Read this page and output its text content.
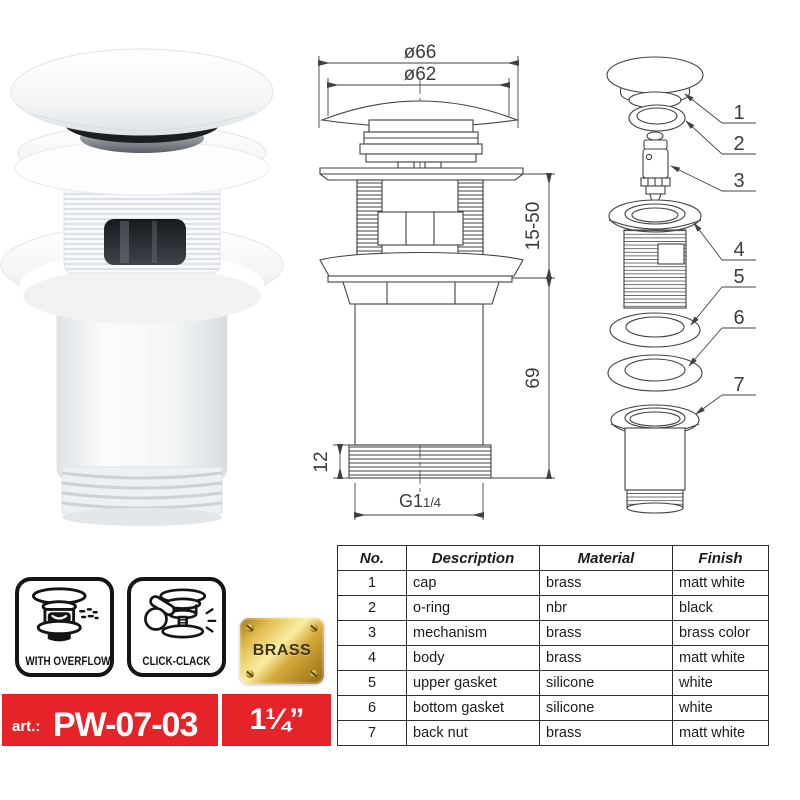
ø66
ø62
15-50
69
12
G11/4
1
2
3
4
5
6
7
WITH OVERFLOW	CLICK-CLACK
BRASS
art.: PW-07-03 1¼”
No.	Description	Material	Finish
1	cap	brass	matt white
2	o-ring	nbr	black
3	mechanism	brass	brass color
4	body	brass	matt white
5	upper gasket	silicone	white
6	bottom gasket	silicone	white
7	back nut	brass	matt white
